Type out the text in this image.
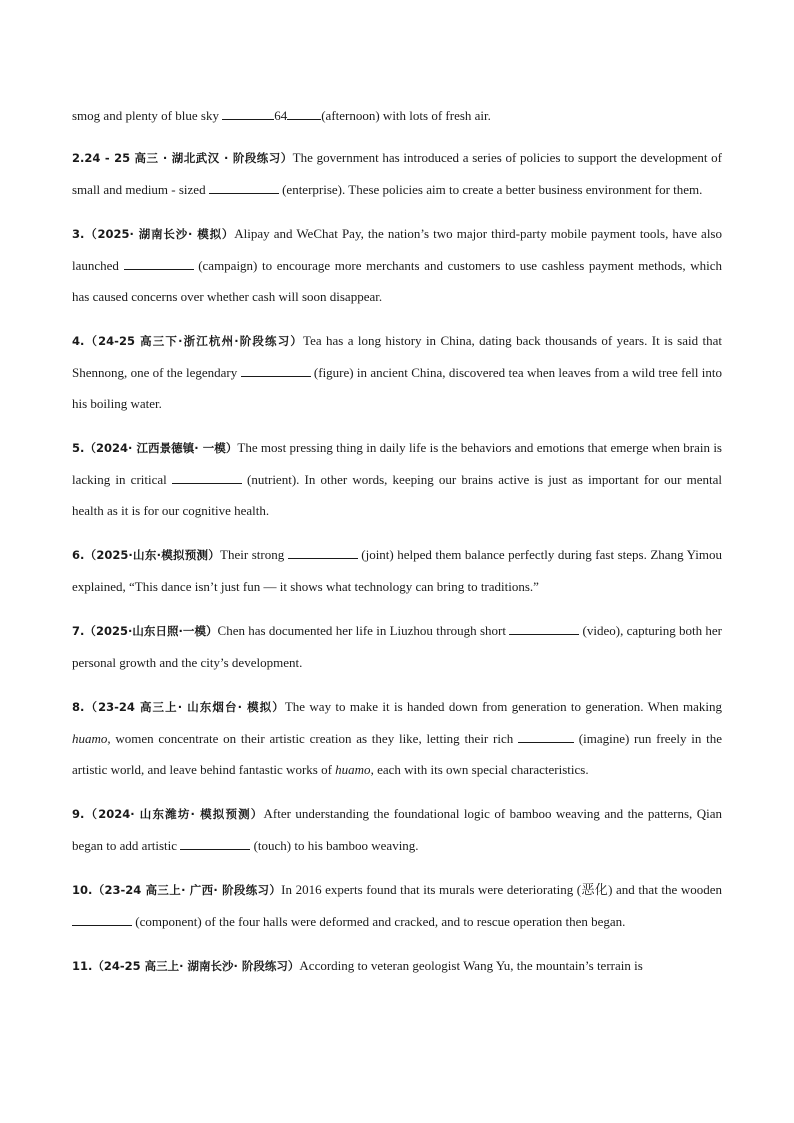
smog and plenty of blue sky	64	(afternoon) with lots of fresh air.

2.24 - 25 高三 · 湖北武汉 · 阶段练习）The government has introduced a series of policies to support the development of small and medium - sized	(enterprise). These policies aim to create a better business environment for them.

3.（2025· 湖南长沙· 模拟）Alipay and WeChat Pay, the nation’s two major third-party mobile payment tools, have also launched	(campaign) to encourage more merchants and customers to use cashless payment methods, which has caused concerns over whether cash will soon disappear.

4.（24-25 高三下·浙江杭州·阶段练习）Tea has a long history in China, dating back thousands of years. It is said that Shennong, one of the legendary	(figure) in ancient China, discovered tea when leaves from a wild tree fell into his boiling water.

5.（2024· 江西景德镇· 一模）The most pressing thing in daily life is the behaviors and emotions that emerge when brain is lacking in critical	(nutrient). In other words, keeping our brains active is just as important for our mental health as it is for our cognitive health.

6.（2025·山东·模拟预测）Their strong	(joint) helped them balance perfectly during fast steps. Zhang Yimou explained, “This dance isn’t just fun — it shows what technology can bring to traditions.”

7.（2025·山东日照·一模）Chen has documented her life in Liuzhou through short	(video), capturing both her personal growth and the city’s development.

8.（23-24 高三上· 山东烟台· 模拟）The way to make it is handed down from generation to generation. When making huamo, women concentrate on their artistic creation as they like, letting their rich	(imagine) run freely in the artistic world, and leave behind fantastic works of huamo, each with its own special characteristics.

9.（2024· 山东潍坊· 模拟预测）After understanding the foundational logic of bamboo weaving and the patterns, Qian began to add artistic	(touch) to his bamboo weaving.

10.（23-24 高三上· 广西· 阶段练习）In 2016 experts found that its murals were deteriorating (恶化) and that the wooden (component) of the four halls were deformed and cracked, and to rescue operation then began.

11.（24-25 高三上· 湖南长沙· 阶段练习）According to veteran geologist Wang Yu, the mountain’s terrain is
